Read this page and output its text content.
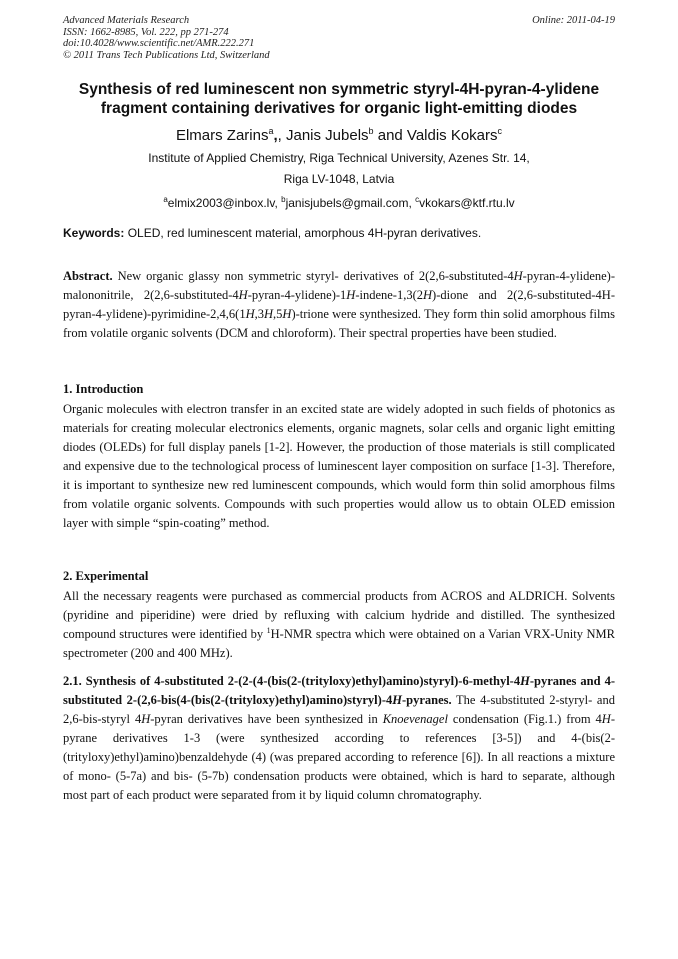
Advanced Materials Research
ISSN: 1662-8985, Vol. 222, pp 271-274
doi:10.4028/www.scientific.net/AMR.222.271
© 2011 Trans Tech Publications Ltd, Switzerland
Online: 2011-04-19
Synthesis of red luminescent non symmetric styryl-4H-pyran-4-ylidene
fragment containing derivatives for organic light-emitting diodes
Elmars Zarins$^a$,, Janis Jubels$^b$ and Valdis Kokars$^c$
Institute of Applied Chemistry, Riga Technical University, Azenes Str. 14,
Riga LV-1048, Latvia
$^a$elmix2003@inbox.lv, $^b$janisjubels@gmail.com, $^c$vkokars@ktf.rtu.lv
Keywords: OLED, red luminescent material, amorphous 4H-pyran derivatives.
Abstract. New organic glassy non symmetric styryl- derivatives of 2(2,6-substituted-4H-pyran-4-ylidene)-malononitrile, 2(2,6-substituted-4H-pyran-4-ylidene)-1H-indene-1,3(2H)-dione and 2(2,6-substituted-4H-pyran-4-ylidene)-pyrimidine-2,4,6(1H,3H,5H)-trione were synthesized. They form thin solid amorphous films from volatile organic solvents (DCM and chloroform). Their spectral properties have been studied.
1. Introduction
Organic molecules with electron transfer in an excited state are widely adopted in such fields of photonics as materials for creating molecular electronics elements, organic magnets, solar cells and organic light emitting diodes (OLEDs) for full display panels [1-2]. However, the production of those materials is still complicated and expensive due to the technological process of luminescent layer composition on surface [1-3]. Therefore, it is important to synthesize new red luminescent compounds, which would form thin solid amorphous films from volatile organic solvents. Compounds with such properties would allow us to obtain OLED emission layer with simple “spin-coating” method.
2. Experimental
All the necessary reagents were purchased as commercial products from ACROS and ALDRICH. Solvents (pyridine and piperidine) were dried by refluxing with calcium hydride and distilled. The synthesized compound structures were identified by $^1$H-NMR spectra which were obtained on a Varian VRX-Unity NMR spectrometer (200 and 400 MHz).
2.1. Synthesis of 4-substituted 2-(2-(4-(bis(2-(trityloxy)ethyl)amino)styryl)-6-methyl-4H-pyranes and 4-substituted 2-(2,6-bis(4-(bis(2-(trityloxy)ethyl)amino)styryl)-4H-pyranes. The 4-substituted 2-styryl- and 2,6-bis-styryl 4H-pyran derivatives have been synthesized in Knoevenagel condensation (Fig.1.) from 4H-pyrane derivatives 1-3 (were synthesized according to references [3-5]) and 4-(bis(2-(trityloxy)ethyl)amino)benzaldehyde (4) (was prepared according to reference [6]). In all reactions a mixture of mono- (5-7a) and bis- (5-7b) condensation products were obtained, which is hard to separate, although most part of each product were separated from it by liquid column chromatography.
